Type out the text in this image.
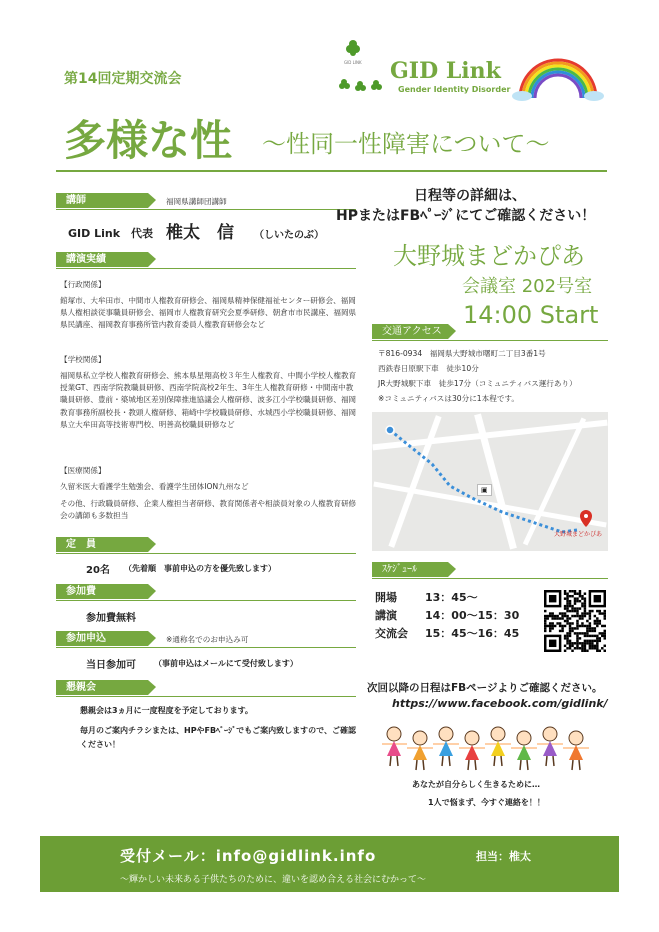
第14回定期交流会
GID LINK GID Link
Gender Identity Disorder
多様な性 ～性同一性障害について～
講師	福岡県講師団講師
GID Link　代表 椎太　信 （しいたのぶ）
講演実績
【行政関係】
館塚市、大牟田市、中間市人権教育研修会、福岡県精神保健福祉センター研修会、福岡県人権相談従事職員研修会、福岡市人権教育研究会夏季研修、朝倉市市民講座、福岡県県民講座、福岡教育事務所管内教育委員人権教育研修会など
【学校関係】
福岡県私立学校人権教育研修会、熊本県星翔高校３年生人権教育、中間小学校人権教育授業GT、西南学院教職員研修、西南学院高校2年生、3年生人権教育研修・中間南中教職員研修、豊前・築城地区差別保障推進協議会人権研修、波多江小学校職員研修、福岡教育事務所副校長・教頭人権研修、箱崎中学校職員研修、水城西小学校職員研修、福岡県立大牟田高等技術専門校、明善高校職員研修など
【医療関係】
久留米医大看護学生勉強会、看護学生団体ION九州など
その他、行政職員研修、企業人権担当者研修、教育関係者や相談員対象の人権教育研修会の講師も多数担当
定　員
20名 （先着順　事前申込の方を優先致します）
参加費
参加費無料
参加申込	※通称名でのお申込み可
当日参加可 （事前申込はメールにて受付致します）
懇親会
懇親会は3ヵ月に一度程度を予定しております。
毎月のご案内チラシまたは、HPやFBﾍﾟｰｼﾞでもご案内致しますので、ご確認ください！
日程等の詳細は、
HPまたはFBﾍﾟｰｼﾞにてご確認ください！
大野城まどかぴあ
会議室 202号室
14:00 Start
交通アクセス
〒816-0934　福岡県大野城市曙町二丁目3番1号
西鉄春日原駅下車　徒歩10分
JR大野城駅下車　徒歩17分（コミュニティバス運行あり）
※コミュニティバスは30分に1本程です。
▣
大野城まどかぴあ
ｽｹｼﾞｭｰﾙ
開場	13：45～
講演	14：00～15：30
交流会 15：45～16：45
次回以降の日程はFBページよりご確認ください。
https://www.facebook.com/gidlink/
あなたが自分らしく生きるために…
1人で悩まず、今すぐ連絡を！！
受付メール：info@gidlink.info	担当：椎太
～輝かしい未来ある子供たちのために、違いを認め合える社会にむかって～
